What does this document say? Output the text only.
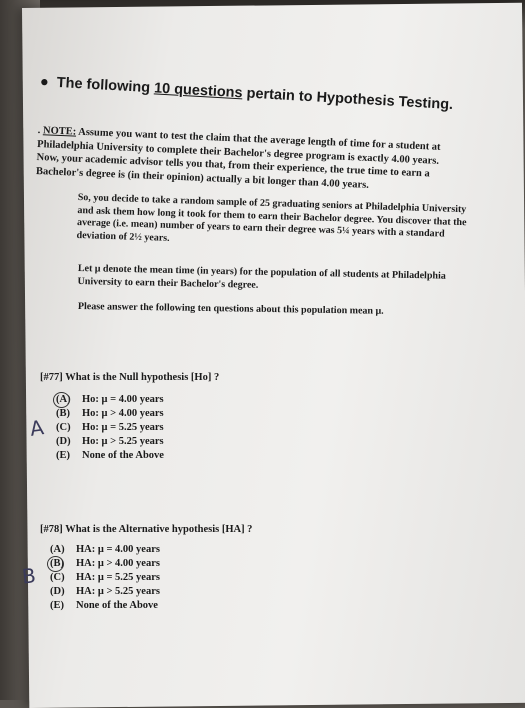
● The following 10 questions pertain to Hypothesis Testing.
. NOTE: Assume you want to test the claim that the average length of time for a student at Philadelphia University to complete their Bachelor's degree program is exactly 4.00 years. Now, your academic advisor tells you that, from their experience, the true time to earn a Bachelor's degree is (in their opinion) actually a bit longer than 4.00 years.
So, you decide to take a random sample of 25 graduating seniors at Philadelphia University and ask them how long it took for them to earn their Bachelor degree. You discover that the average (i.e. mean) number of years to earn their degree was 5¼ years with a standard deviation of 2½ years.
Let μ denote the mean time (in years) for the population of all students at Philadelphia University to earn their Bachelor's degree.
Please answer the following ten questions about this population mean μ.
[#77] What is the Null hypothesis [Ho] ?
(A)	Ho: μ = 4.00 years
(B)	Ho: μ > 4.00 years
(C)	Ho: μ = 5.25 years
(D)	Ho: μ > 5.25 years
(E)	None of the Above
A
[#78] What is the Alternative hypothesis [HA] ?
(A)	HA: μ = 4.00 years
(B)	HA: μ > 4.00 years
(C)	HA: μ = 5.25 years
(D)	HA: μ > 5.25 years
(E)	None of the Above
B
